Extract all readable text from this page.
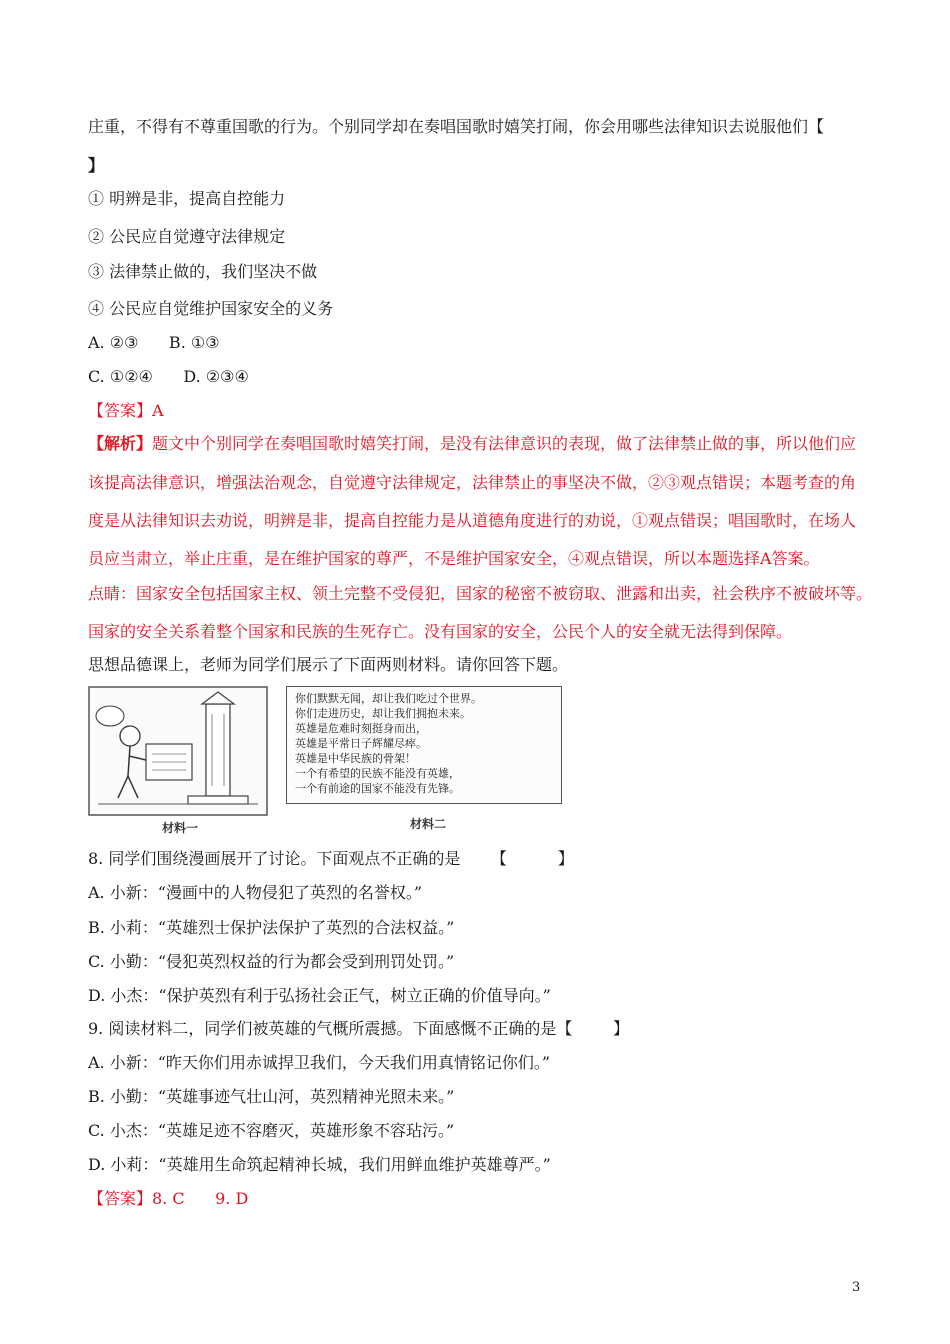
庄重，不得有不尊重国歌的行为。个别同学却在奏唱国歌时嬉笑打闹，你会用哪些法律知识去说服他们【
】
① 明辨是非，提高自控能力
② 公民应自觉遵守法律规定
③ 法律禁止做的，我们坚决不做
④ 公民应自觉维护国家安全的义务
A. ②③      B. ①③
C. ①②④      D. ②③④
【答案】A
【解析】题文中个别同学在奏唱国歌时嬉笑打闹，是没有法律意识的表现，做了法律禁止做的事，所以他们应
该提高法律意识，增强法治观念，自觉遵守法律规定，法律禁止的事坚决不做，②③观点错误；本题考查的角
度是从法律知识去劝说，明辨是非，提高自控能力是从道德角度进行的劝说，①观点错误；唱国歌时，在场人
员应当肃立，举止庄重，是在维护国家的尊严，不是维护国家安全，④观点错误，所以本题选择A答案。
点睛：国家安全包括国家主权、领土完整不受侵犯，国家的秘密不被窃取、泄露和出卖，社会秩序不被破坏等。
国家的安全关系着整个国家和民族的生死存亡。没有国家的安全，公民个人的安全就无法得到保障。
思想品德课上，老师为同学们展示了下面两则材料。请你回答下题。
材料一
你们默默无闻，却让我们吃过个世界。
你们走进历史，却让我们拥抱未来。
英雄是危难时刻挺身而出，
英雄是平常日子辉耀尽瘁。
英雄是中华民族的骨架！
一个有希望的民族不能没有英雄，
一个有前途的国家不能没有先锋。
材料二
8. 同学们围绕漫画展开了讨论。下面观点不正确的是      【          】
A. 小新：“漫画中的人物侵犯了英烈的名誉权。”
B. 小莉：“英雄烈士保护法保护了英烈的合法权益。”
C. 小勤：“侵犯英烈权益的行为都会受到刑罚处罚。”
D. 小杰：“保护英烈有利于弘扬社会正气，树立正确的价值导向。”
9. 阅读材料二，同学们被英雄的气概所震撼。下面感慨不正确的是【        】
A. 小新：“昨天你们用赤诚捍卫我们，今天我们用真情铭记你们。”
B. 小勤：“英雄事迹气壮山河，英烈精神光照未来。”
C. 小杰：“英雄足迹不容磨灭，英雄形象不容玷污。”
D. 小莉：“英雄用生命筑起精神长城，我们用鲜血维护英雄尊严。”
【答案】8. C      9. D
3
